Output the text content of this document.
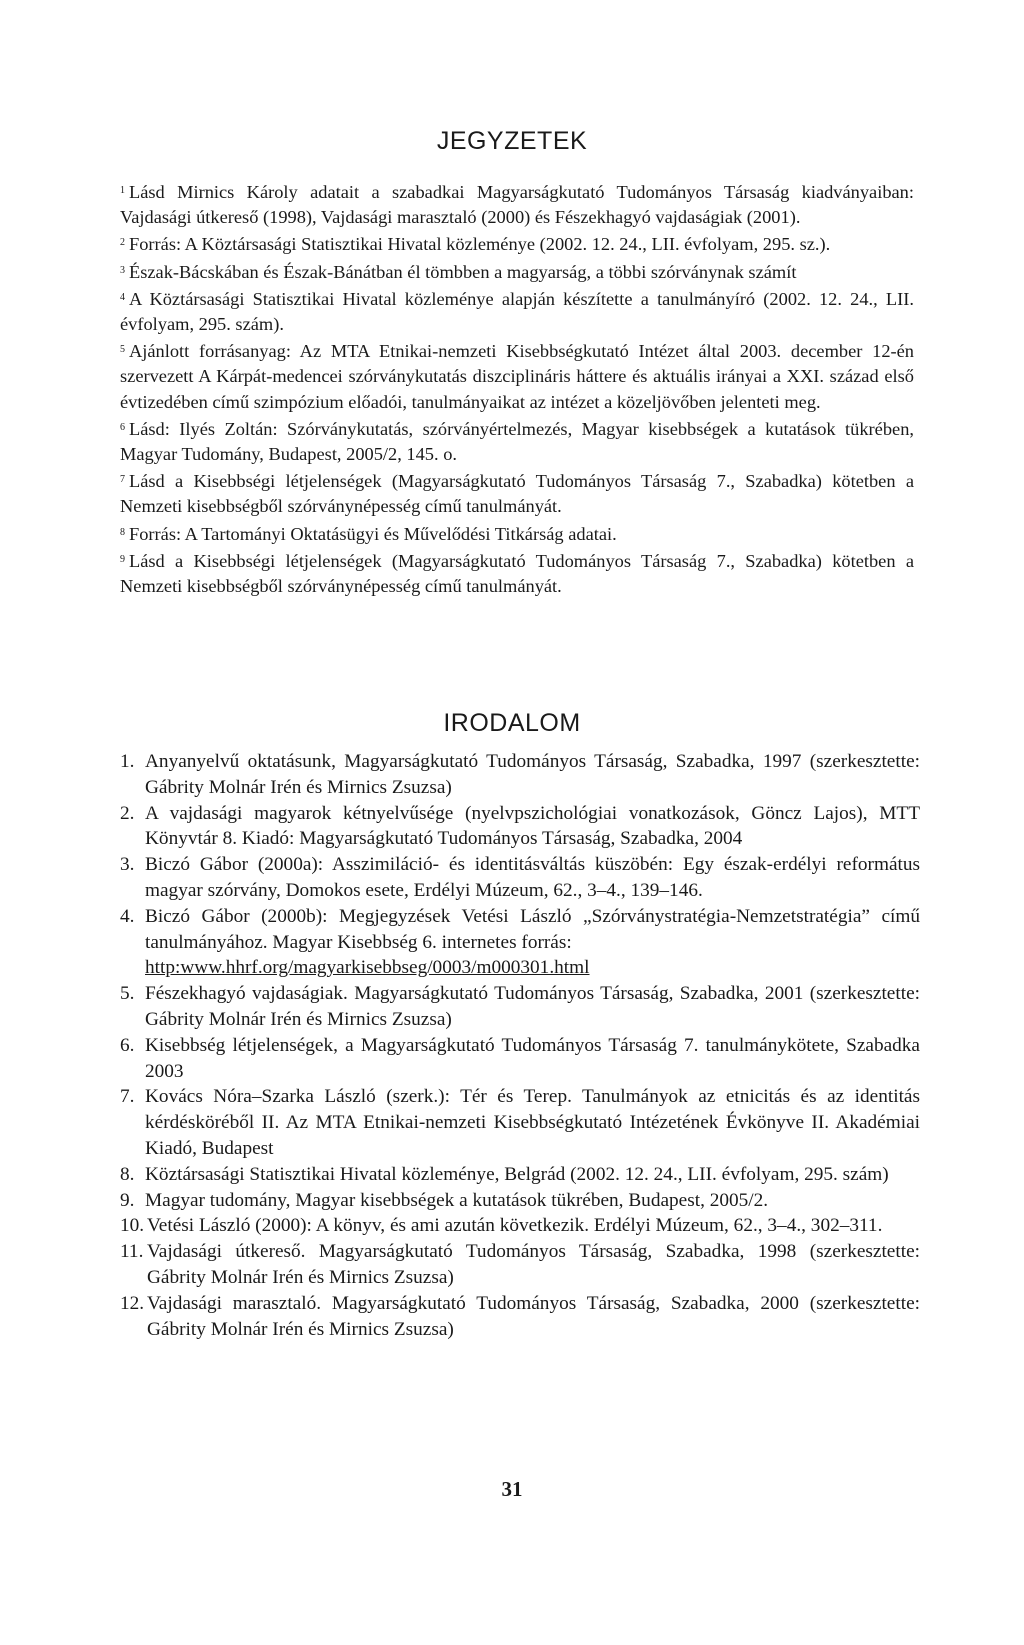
JEGYZETEK

$^1$ Lásd Mirnics Károly adatait a szabadkai Magyarságkutató Tudományos Társaság kiadványaiban: Vajdasági útkereső (1998), Vajdasági marasztaló (2000) és Fészekhagyó vajdaságiak (2001).

$^2$ Forrás: A Köztársasági Statisztikai Hivatal közleménye (2002. 12. 24., LII. évfolyam, 295. sz.).

$^3$ Észak-Bácskában és Észak-Bánátban él tömbben a magyarság, a többi szórványnak számít

$^4$ A Köztársasági Statisztikai Hivatal közleménye alapján készítette a tanulmányíró (2002. 12. 24., LII. évfolyam, 295. szám).

$^5$ Ajánlott forrásanyag: Az MTA Etnikai-nemzeti Kisebbségkutató Intézet által 2003. december 12-én szervezett A Kárpát-medencei szórványkutatás diszciplináris háttere és aktuális irányai a XXI. század első évtizedében című szimpózium előadói, tanulmányaikat az intézet a közeljövőben jelenteti meg.

$^6$ Lásd: Ilyés Zoltán: Szórványkutatás, szórványértelmezés, Magyar kisebbségek a kutatások tükrében, Magyar Tudomány, Budapest, 2005/2, 145. o.

$^7$ Lásd a Kisebbségi létjelenségek (Magyarságkutató Tudományos Társaság 7., Szabadka) kötetben a Nemzeti kisebbségből szórványnépesség című tanulmányát.

$^8$ Forrás: A Tartományi Oktatásügyi és Művelődési Titkárság adatai.

$^9$ Lásd a Kisebbségi létjelenségek (Magyarságkutató Tudományos Társaság 7., Szabadka) kötetben a Nemzeti kisebbségből szórványnépesség című tanulmányát.

IRODALOM
1. Anyanyelvű oktatásunk, Magyarságkutató Tudományos Társaság, Szabadka, 1997 (szerkesztette: Gábrity Molnár Irén és Mirnics Zsuzsa)
2. A vajdasági magyarok kétnyelvűsége (nyelvpszichológiai vonatkozások, Göncz Lajos), MTT Könyvtár 8. Kiadó: Magyarságkutató Tudományos Társaság, Szabadka, 2004
3. Biczó Gábor (2000a): Asszimiláció- és identitásváltás küszöbén: Egy észak-erdélyi református magyar szórvány, Domokos esete, Erdélyi Múzeum, 62., 3–4., 139–146.
4. Biczó Gábor (2000b): Megjegyzések Vetési László „Szórványstratégia-Nemzetstratégia” című tanulmányához. Magyar Kisebbség 6. internetes forrás:
http:www.hhrf.org/magyarkisebbseg/0003/m000301.html
5. Fészekhagyó vajdaságiak. Magyarságkutató Tudományos Társaság, Szabadka, 2001 (szerkesztette: Gábrity Molnár Irén és Mirnics Zsuzsa)
6. Kisebbség létjelenségek, a Magyarságkutató Tudományos Társaság 7. tanulmánykötete, Szabadka 2003
7. Kovács Nóra–Szarka László (szerk.): Tér és Terep. Tanulmányok az etnicitás és az identitás kérdésköréből II. Az MTA Etnikai-nemzeti Kisebbségkutató Intézetének Évkönyve II. Akadémiai Kiadó, Budapest
8. Köztársasági Statisztikai Hivatal közleménye, Belgrád (2002. 12. 24., LII. évfolyam, 295. szám)
9. Magyar tudomány, Magyar kisebbségek a kutatások tükrében, Budapest, 2005/2.
10. Vetési László (2000): A könyv, és ami azután következik. Erdélyi Múzeum, 62., 3–4., 302–311.
11. Vajdasági útkereső. Magyarságkutató Tudományos Társaság, Szabadka, 1998 (szerkesztette: Gábrity Molnár Irén és Mirnics Zsuzsa)
12. Vajdasági marasztaló. Magyarságkutató Tudományos Társaság, Szabadka, 2000 (szerkesztette: Gábrity Molnár Irén és Mirnics Zsuzsa)
31
